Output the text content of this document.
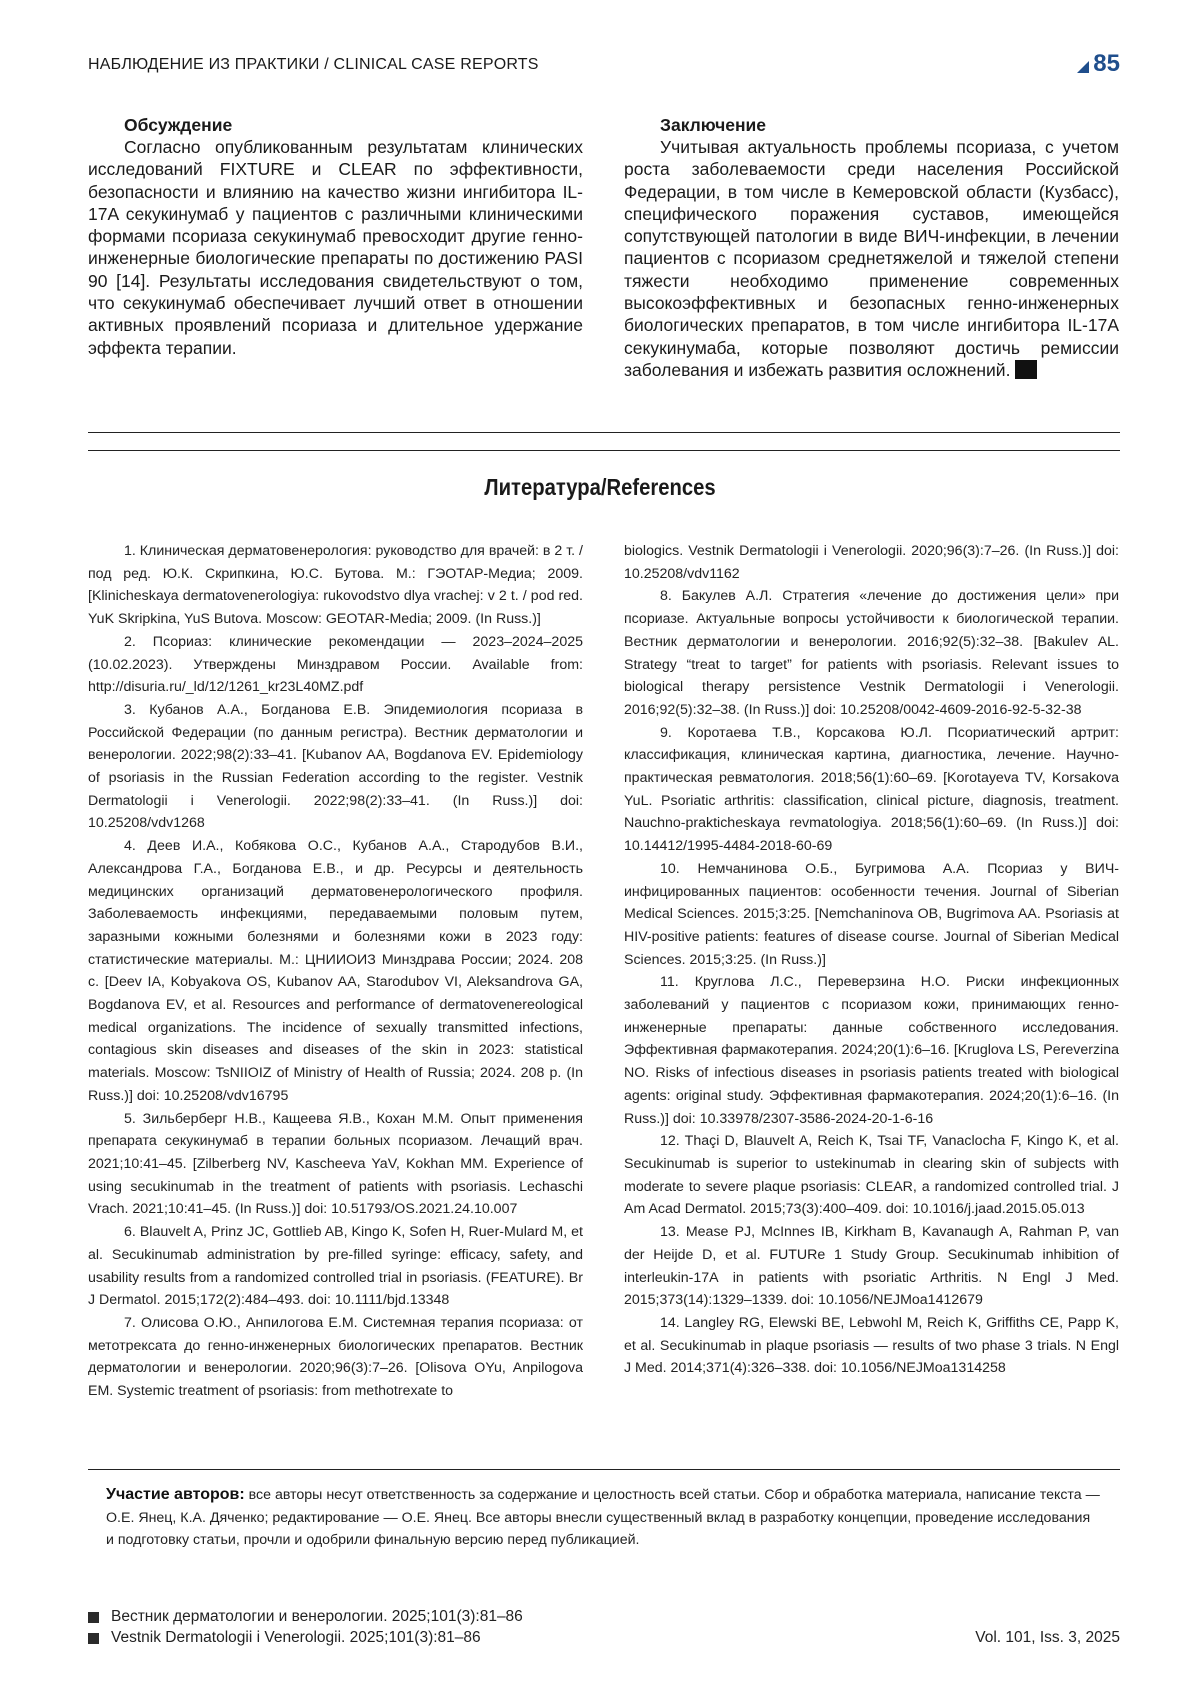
НАБЛЮДЕНИЕ ИЗ ПРАКТИКИ / CLINICAL CASE REPORTS	85
Обсуждение

Согласно опубликованным результатам клинических исследований FIXTURE и CLEAR по эффективности, безопасности и влиянию на качество жизни ингибитора IL-17A секукинумаб у пациентов с различными клиническими формами псориаза секукинумаб превосходит другие генно-инженерные биологические препараты по достижению PASI 90 [14]. Результаты исследования свидетельствуют о том, что секукинумаб обеспечивает лучший ответ в отношении активных проявлений псориаза и длительное удержание эффекта терапии.

Заключение

Учитывая актуальность проблемы псориаза, с учетом роста заболеваемости среди населения Российской Федерации, в том числе в Кемеровской области (Кузбасс), специфического поражения суставов, имеющейся сопутствующей патологии в виде ВИЧ-инфекции, в лечении пациентов с псориазом среднетяжелой и тяжелой степени тяжести необходимо применение современных высокоэффективных и безопасных генно-инженерных биологических препаратов, в том числе ингибитора IL-17A секукинумаба, которые позволяют достичь ремиссии заболевания и избежать развития осложнений.

Литература/References

1. Клиническая дерматовенерология: руководство для врачей: в 2 т. / под ред. Ю.К. Скрипкина, Ю.С. Бутова. М.: ГЭОТАР-Медиа; 2009. [Klinicheskaya dermatovenerologiya: rukovodstvo dlya vrachej: v 2 t. / pod red. YuK Skripkina, YuS Butova. Moscow: GEOTAR-Media; 2009. (In Russ.)]

2. Псориаз: клинические рекомендации — 2023–2024–2025 (10.02.2023). Утверждены Минздравом России. Available from: http://disuria.ru/_ld/12/1261_kr23L40MZ.pdf

3. Кубанов А.А., Богданова Е.В. Эпидемиология псориаза в Российской Федерации (по данным регистра). Вестник дерматологии и венерологии. 2022;98(2):33–41. [Kubanov AA, Bogdanova EV. Epidemiology of psoriasis in the Russian Federation according to the register. Vestnik Dermatologii i Venerologii. 2022;98(2):33–41. (In Russ.)] doi: 10.25208/vdv1268

4. Деев И.А., Кобякова О.С., Кубанов А.А., Стародубов В.И., Александрова Г.А., Богданова Е.В., и др. Ресурсы и деятельность медицинских организаций дерматовенерологического профиля. Заболеваемость инфекциями, передаваемыми половым путем, заразными кожными болезнями и болезнями кожи в 2023 году: статистические материалы. М.: ЦНИИОИЗ Минздрава России; 2024. 208 с. [Deev IA, Kobyakova OS, Kubanov AA, Starodubov VI, Aleksandrova GA, Bogdanova EV, et al. Resources and performance of dermatovenereological medical organizations. The incidence of sexually transmitted infections, contagious skin diseases and diseases of the skin in 2023: statistical materials. Moscow: TsNIIOIZ of Ministry of Health of Russia; 2024. 208 p. (In Russ.)] doi: 10.25208/vdv16795

5. Зильберберг Н.В., Кащеева Я.В., Кохан М.М. Опыт применения препарата секукинумаб в терапии больных псориазом. Лечащий врач. 2021;10:41–45. [Zilberberg NV, Kascheeva YaV, Kokhan MM. Experience of using secukinumab in the treatment of patients with psoriasis. Lechaschi Vrach. 2021;10:41–45. (In Russ.)] doi: 10.51793/OS.2021.24.10.007

6. Blauvelt A, Prinz JC, Gottlieb AB, Kingo K, Sofen H, Ruer-Mulard M, et al. Secukinumab administration by pre-filled syringe: efficacy, safety, and usability results from a randomized controlled trial in psoriasis. (FEATURE). Br J Dermatol. 2015;172(2):484–493. doi: 10.1111/bjd.13348

7. Олисова О.Ю., Анпилогова Е.М. Системная терапия псориаза: от метотрексата до генно-инженерных биологических препаратов. Вестник дерматологии и венерологии. 2020;96(3):7–26. [Olisova OYu, Anpilogova EM. Systemic treatment of psoriasis: from methotrexate to

biologics. Vestnik Dermatologii i Venerologii. 2020;96(3):7–26. (In Russ.)] doi: 10.25208/vdv1162

8. Бакулев А.Л. Стратегия «лечение до достижения цели» при псориазе. Актуальные вопросы устойчивости к биологической терапии. Вестник дерматологии и венерологии. 2016;92(5):32–38. [Bakulev AL. Strategy “treat to target” for patients with psoriasis. Relevant issues to biological therapy persistence Vestnik Dermatologii i Venerologii. 2016;92(5):32–38. (In Russ.)] doi: 10.25208/0042-4609-2016-92-5-32-38

9. Коротаева Т.В., Корсакова Ю.Л. Псориатический артрит: классификация, клиническая картина, диагностика, лечение. Научно-практическая ревматология. 2018;56(1):60–69. [Korotayeva TV, Korsakova YuL. Psoriatic arthritis: classification, clinical picture, diagnosis, treatment. Nauchno-prakticheskaya revmatologiya. 2018;56(1):60–69. (In Russ.)] doi: 10.14412/1995-4484-2018-60-69

10. Немчанинова О.Б., Бугримова А.А. Псориаз у ВИЧ-инфицированных пациентов: особенности течения. Journal of Siberian Medical Sciences. 2015;3:25. [Nemchaninova OB, Bugrimova AA. Psoriasis at HIV-positive patients: features of disease course. Journal of Siberian Medical Sciences. 2015;3:25. (In Russ.)]

11. Круглова Л.С., Переверзина Н.О. Риски инфекционных заболеваний у пациентов с псориазом кожи, принимающих генно-инженерные препараты: данные собственного исследования. Эффективная фармакотерапия. 2024;20(1):6–16. [Kruglova LS, Pereverzina NO. Risks of infectious diseases in psoriasis patients treated with biological agents: original study. Эффективная фармакотерапия. 2024;20(1):6–16. (In Russ.)] doi: 10.33978/2307-3586-2024-20-1-6-16

12. Thaçi D, Blauvelt A, Reich K, Tsai TF, Vanaclocha F, Kingo K, et al. Secukinumab is superior to ustekinumab in clearing skin of subjects with moderate to severe plaque psoriasis: CLEAR, a randomized controlled trial. J Am Acad Dermatol. 2015;73(3):400–409. doi: 10.1016/j.jaad.2015.05.013

13. Mease PJ, McInnes IB, Kirkham B, Kavanaugh A, Rahman P, van der Heijde D, et al. FUTURe 1 Study Group. Secukinumab inhibition of interleukin-17A in patients with psoriatic Arthritis. N Engl J Med. 2015;373(14):1329–1339. doi: 10.1056/NEJMoa1412679

14. Langley RG, Elewski BE, Lebwohl M, Reich K, Griffiths CE, Papp K, et al. Secukinumab in plaque psoriasis — results of two phase 3 trials. N Engl J Med. 2014;371(4):326–338. doi: 10.1056/NEJMoa1314258

Участие авторов: все авторы несут ответственность за содержание и целостность всей статьи. Сбор и обработка материала, написание текста — О.Е. Янец, К.А. Дяченко; редактирование — О.Е. Янец. Все авторы внесли существенный вклад в разработку концепции, проведение исследования и подготовку статьи, прочли и одобрили финальную версию перед публикацией.
Вестник дерматологии и венерологии. 2025;101(3):81–86
Vestnik Dermatologii i Venerologii. 2025;101(3):81–86	Vol. 101, Iss. 3, 2025
